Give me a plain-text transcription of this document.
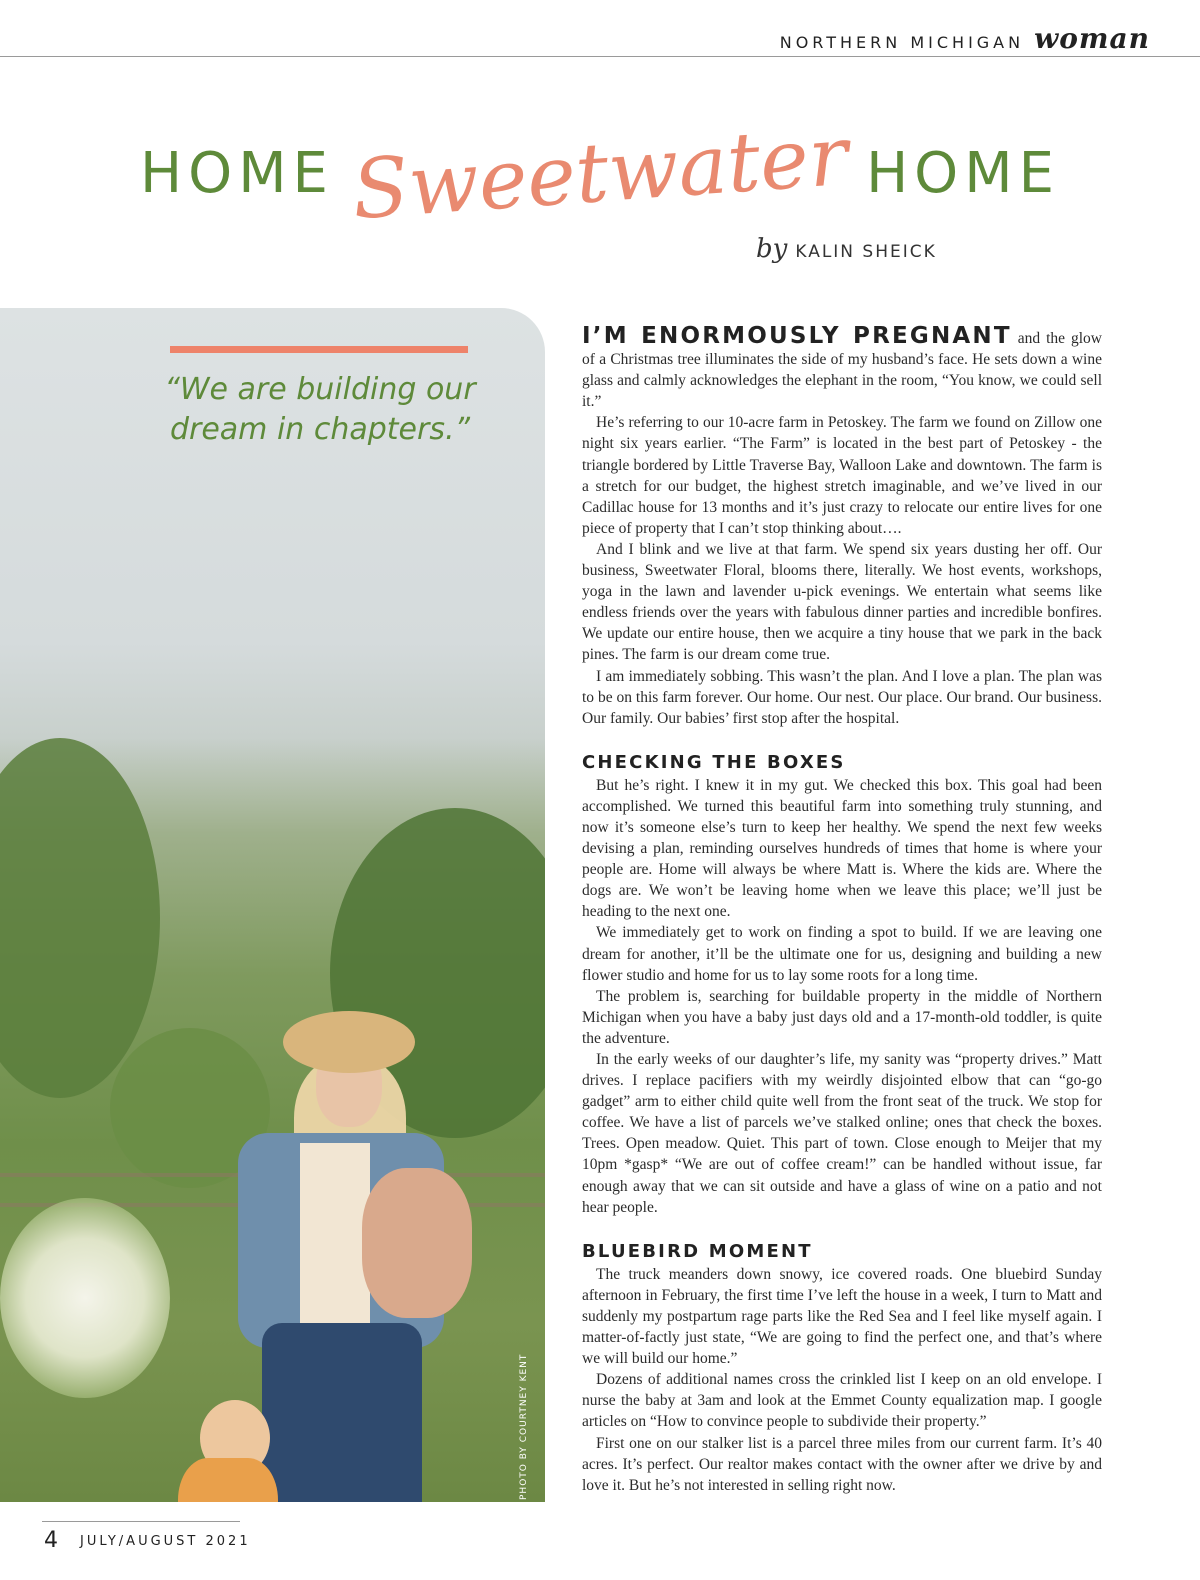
NORTHERN MICHIGAN woman
HOME Sweetwater HOME
by KALIN SHEICK
“We are building our dream in chapters.”
PHOTO BY COURTNEY KENT

I’M ENORMOUSLY PREGNANT and the glow of a Christmas tree illuminates the side of my husband’s face. He sets down a wine glass and calmly acknowledges the elephant in the room, “You know, we could sell it.”

He’s referring to our 10-acre farm in Petoskey. The farm we found on Zillow one night six years earlier. “The Farm” is located in the best part of Petoskey - the triangle bordered by Little Traverse Bay, Walloon Lake and downtown. The farm is a stretch for our budget, the highest stretch imaginable, and we’ve lived in our Cadillac house for 13 months and it’s just crazy to relocate our entire lives for one piece of property that I can’t stop thinking about….

And I blink and we live at that farm. We spend six years dusting her off. Our business, Sweetwater Floral, blooms there, literally. We host events, workshops, yoga in the lawn and lavender u-pick evenings. We entertain what seems like endless friends over the years with fabulous dinner parties and incredible bonfires. We update our entire house, then we acquire a tiny house that we park in the back pines. The farm is our dream come true.

I am immediately sobbing. This wasn’t the plan. And I love a plan. The plan was to be on this farm forever. Our home. Our nest. Our place. Our brand. Our business. Our family. Our babies’ first stop after the hospital.

CHECKING THE BOXES

But he’s right. I knew it in my gut. We checked this box. This goal had been accomplished. We turned this beautiful farm into something truly stunning, and now it’s someone else’s turn to keep her healthy. We spend the next few weeks devising a plan, reminding ourselves hundreds of times that home is where your people are. Home will always be where Matt is. Where the kids are. Where the dogs are. We won’t be leaving home when we leave this place; we’ll just be heading to the next one.

We immediately get to work on finding a spot to build. If we are leaving one dream for another, it’ll be the ultimate one for us, designing and building a new flower studio and home for us to lay some roots for a long time.

The problem is, searching for buildable property in the middle of Northern Michigan when you have a baby just days old and a 17-month-old toddler, is quite the adventure.

In the early weeks of our daughter’s life, my sanity was “property drives.” Matt drives. I replace pacifiers with my weirdly disjointed elbow that can “go-go gadget” arm to either child quite well from the front seat of the truck. We stop for coffee. We have a list of parcels we’ve stalked online; ones that check the boxes. Trees. Open meadow. Quiet. This part of town. Close enough to Meijer that my 10pm *gasp* “We are out of coffee cream!” can be handled without issue, far enough away that we can sit outside and have a glass of wine on a patio and not hear people.

BLUEBIRD MOMENT

The truck meanders down snowy, ice covered roads. One bluebird Sunday afternoon in February, the first time I’ve left the house in a week, I turn to Matt and suddenly my postpartum rage parts like the Red Sea and I feel like myself again. I matter-of-factly just state, “We are going to find the perfect one, and that’s where we will build our home.”

Dozens of additional names cross the crinkled list I keep on an old envelope. I nurse the baby at 3am and look at the Emmet County equalization map. I google articles on “How to convince people to subdivide their property.”

First one on our stalker list is a parcel three miles from our current farm. It’s 40 acres. It’s perfect. Our realtor makes contact with the owner after we drive by and love it. But he’s not interested in selling right now.

4 JULY/AUGUST 2021
